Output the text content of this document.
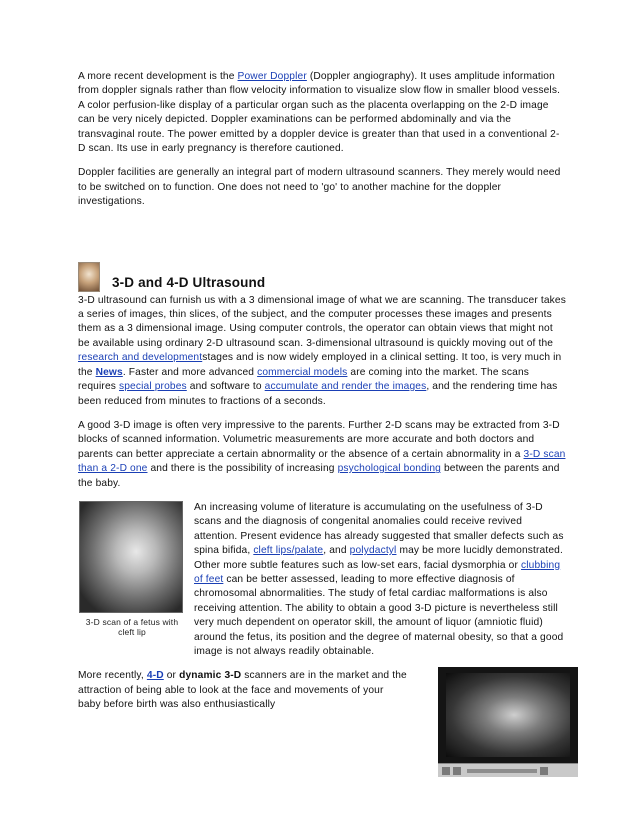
A more recent development is the Power Doppler (Doppler angiography). It uses amplitude information from doppler signals rather than flow velocity information to visualize slow flow in smaller blood vessels. A color perfusion-like display of a particular organ such as the placenta overlapping on the 2-D image can be very nicely depicted. Doppler examinations can be performed abdominally and via the transvaginal route. The power emitted by a doppler device is greater than that used in a conventional 2-D scan. Its use in early pregnancy is therefore cautioned.

Doppler facilities are generally an integral part of modern ultrasound scanners. They merely would need to be switched on to function. One does not need to 'go' to another machine for the doppler investigations.

3-D and 4-D Ultrasound

3-D ultrasound can furnish us with a 3 dimensional image of what we are scanning. The transducer takes a series of images, thin slices, of the subject, and the computer processes these images and presents them as a 3 dimensional image. Using computer controls, the operator can obtain views that might not be available using ordinary 2-D ultrasound scan. 3-dimensional ultrasound is quickly moving out of the research and developmentstages and is now widely employed in a clinical setting. It too, is very much in the News. Faster and more advanced commercial models are coming into the market. The scans requires special probes and software to accumulate and render the images, and the rendering time has been reduced from minutes to fractions of a seconds.

A good 3-D image is often very impressive to the parents. Further 2-D scans may be extracted from 3-D blocks of scanned information. Volumetric measurements are more accurate and both doctors and parents can better appreciate a certain abnormality or the absence of a certain abnormality in a 3-D scan than a 2-D one and there is the possibility of increasing psychological bonding between the parents and the baby.

3-D scan of a fetus with cleft lip

An increasing volume of literature is accumulating on the usefulness of 3-D scans and the diagnosis of congenital anomalies could receive revived attention. Present evidence has already suggested that smaller defects such as spina bifida, cleft lips/palate, and polydactyl may be more lucidly demonstrated. Other more subtle features such as low-set ears, facial dysmorphia or clubbing of feet can be better assessed, leading to more effective diagnosis of chromosomal abnormalities. The study of fetal cardiac malformations is also receiving attention. The ability to obtain a good 3-D picture is nevertheless still very much dependent on operator skill, the amount of liquor (amniotic fluid) around the fetus, its position and the degree of maternal obesity, so that a good image is not always readily obtainable.

More recently, 4-D or dynamic 3-D scanners are in the market and the attraction of being able to look at the face and movements of your baby before birth was also enthusiastically
